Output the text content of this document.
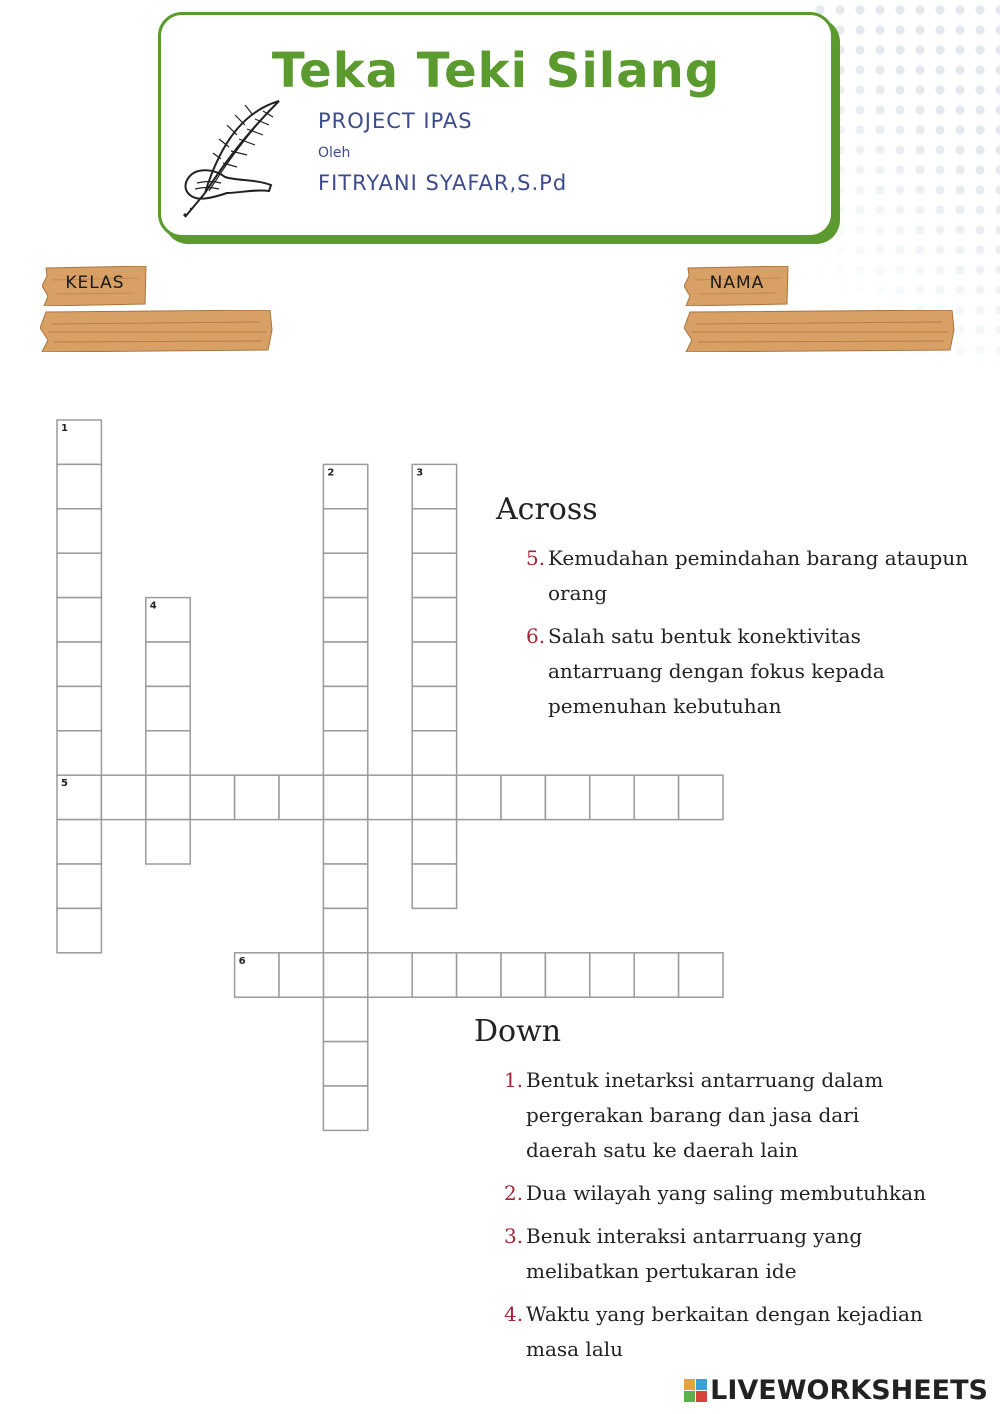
Teka Teki Silang
PROJECT IPAS
Oleh
FITRYANI SYAFAR,S.Pd
KELAS	NAMA
1
5
2	3
4
6
Across
5. Kemudahan pemindahan barang ataupun orang
6. Salah satu bentuk konektivitas antarruang dengan fokus kepada pemenuhan kebutuhan
Down
1. Bentuk inetarksi antarruang dalam pergerakan barang dan jasa dari daerah satu ke daerah lain
2. Dua wilayah yang saling membutuhkan
3. Benuk interaksi antarruang yang melibatkan pertukaran ide
4. Waktu yang berkaitan dengan kejadian masa lalu
LIVEWORKSHEETS
